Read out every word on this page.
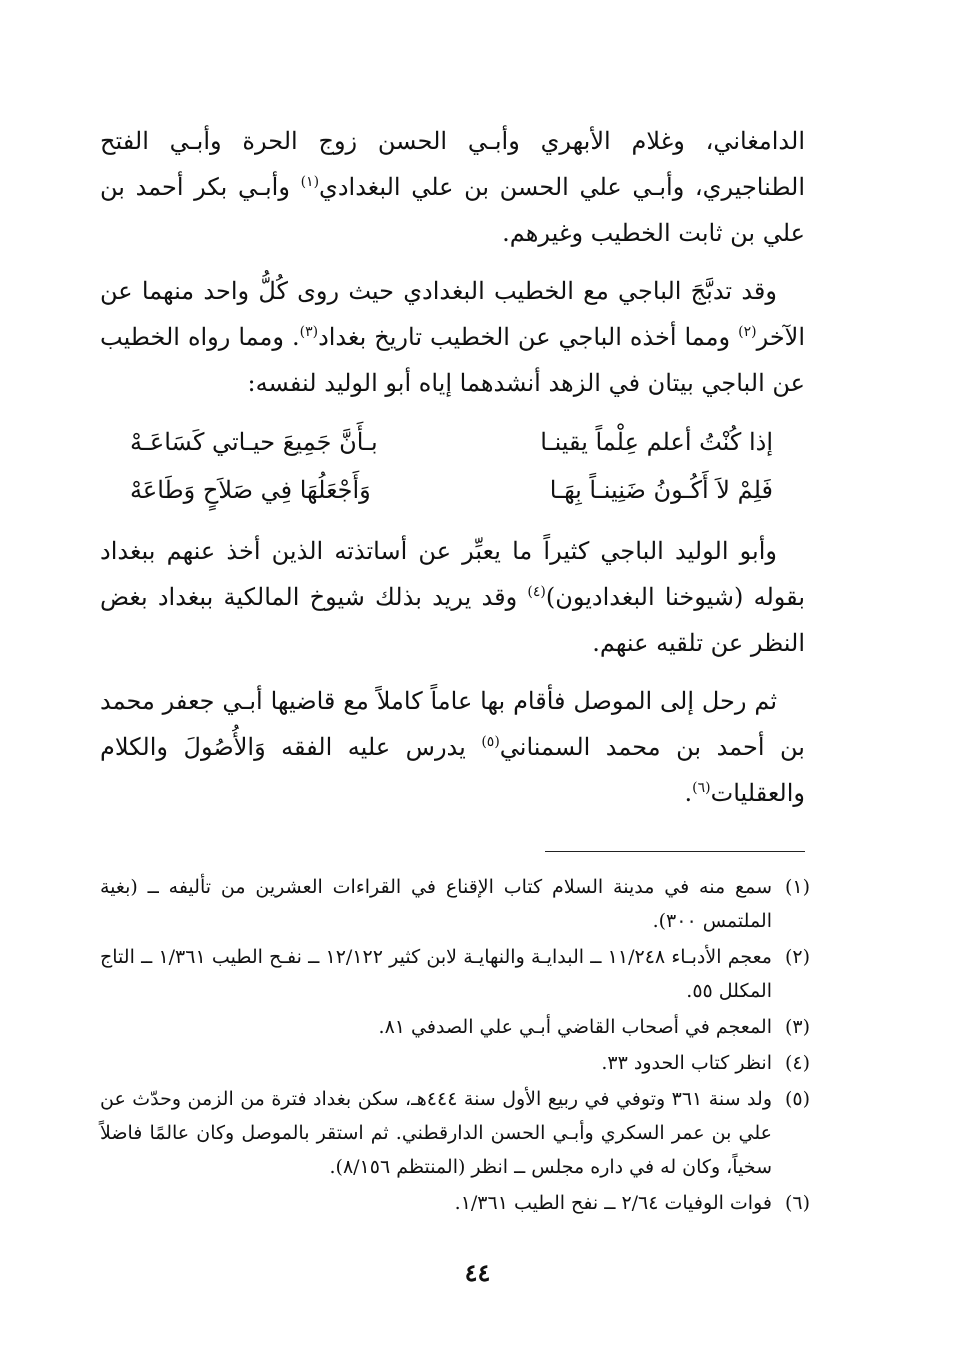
الدامغاني، وغلام الأبهري وأبـي الحسن زوج الحرة وأبـي الفتح الطناجيري، وأبـي علي الحسن بن علي البغدادي$^{(١)}$ وأبـي بكر أحمد بن علي بن ثابت الخطيب وغيرهم.

وقد تدبَّجَ الباجي مع الخطيب البغدادي حيث روى كُلُّ واحد منهما عن الآخر$^{(٢)}$ ومما أخذه الباجي عن الخطيب تاريخ بغداد$^{(٣)}$. ومما رواه الخطيب عن الباجي بيتان في الزهد أنشدهما إياه أبو الوليد لنفسه:

إذا كُنْتُ أعلم عِلْماً يقينـا
بـأَنَّ جَمِيعَ حيـاتي كَسَاعَـهْ
فَلِمْ لاَ أَكُـونُ ضَنِينـاً بِهَـا
وَأَجْعَلُهَا فِي صَلاَحٍ وَطَاعَهْ

وأبو الوليد الباجي كثيراً ما يعبِّر عن أساتذته الذين أخذ عنهم ببغداد بقوله (شيوخنا البغداديون)$^{(٤)}$ وقد يريد بذلك شيوخ المالكية ببغداد بغض النظر عن تلقيه عنهم.

ثم رحل إلى الموصل فأقام بها عاماً كاملاً مع قاضيها أبـي جعفر محمد بن أحمد بن محمد السمناني$^{(٥)}$ يدرس عليه الفقه وَالأُصُولَ والكلام والعقليات$^{(٦)}$.

(١)
سمع منه في مدينة السلام كتاب الإقناع في القراءات العشرين من تأليفه ــ (بغية الملتمس ٣٠٠).
(٢)
معجم الأدبـاء ١١/٢٤٨ ــ البدايـة والنهايـة لابن كثير ١٢/١٢٢ ــ نفـح الطيب ١/٣٦١ ــ التاج المكلل ٥٥.
(٣)
المعجم في أصحاب القاضي أبـي علي الصدفي ٨١.
(٤)
انظر كتاب الحدود ٣٣.
(٥)
ولد سنة ٣٦١ وتوفي في ربيع الأول سنة ٤٤٤هـ، سكن بغداد فترة من الزمن وحدّث عن علي بن عمر السكري وأبـي الحسن الدارقطني. ثم استقر بالموصل وكان عالمًا فاضلاً سخياً، وكان له في داره مجلس ــ انظر (المنتظم ٨/١٥٦).
(٦)
فوات الوفيات ٢/٦٤ ــ نفح الطيب ١/٣٦١.
٤٤
